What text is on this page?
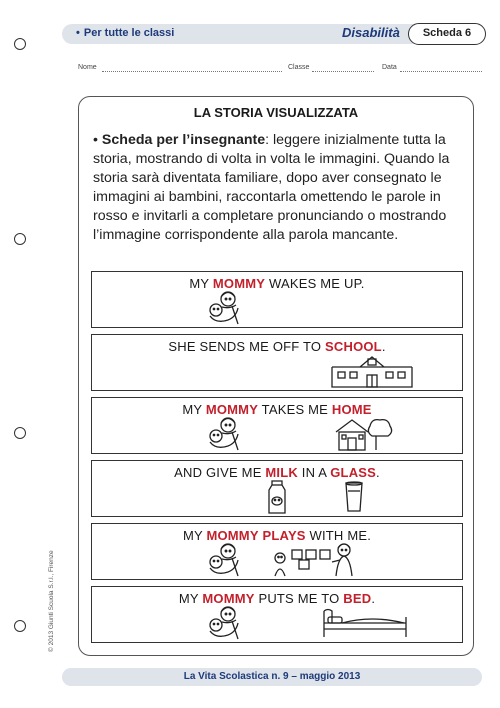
• Per tutte le classi	Disabilità	Scheda 6
Nome	Classe	Data
LA STORIA VISUALIZZATA
• Scheda per l’insegnante: leggere inizialmente tutta la storia, mostrando di volta in volta le immagini. Quando la storia sarà diventata familiare, dopo aver consegnato le immagini ai bambini, raccontarla omettendo le parole in rosso e invitarli a completare pronunciando o mostrando l’immagine corrispondente alla parola mancante.
MY MOMMY WAKES ME UP.
SHE SENDS ME OFF TO SCHOOL.
MY MOMMY TAKES ME HOME
AND GIVE ME MILK IN A GLASS.
MY MOMMY PLAYS WITH ME.
MY MOMMY PUTS ME TO BED.
La Vita Scolastica n. 9 – maggio 2013
© 2013 Giunti Scuola S.r.l., Firenze
